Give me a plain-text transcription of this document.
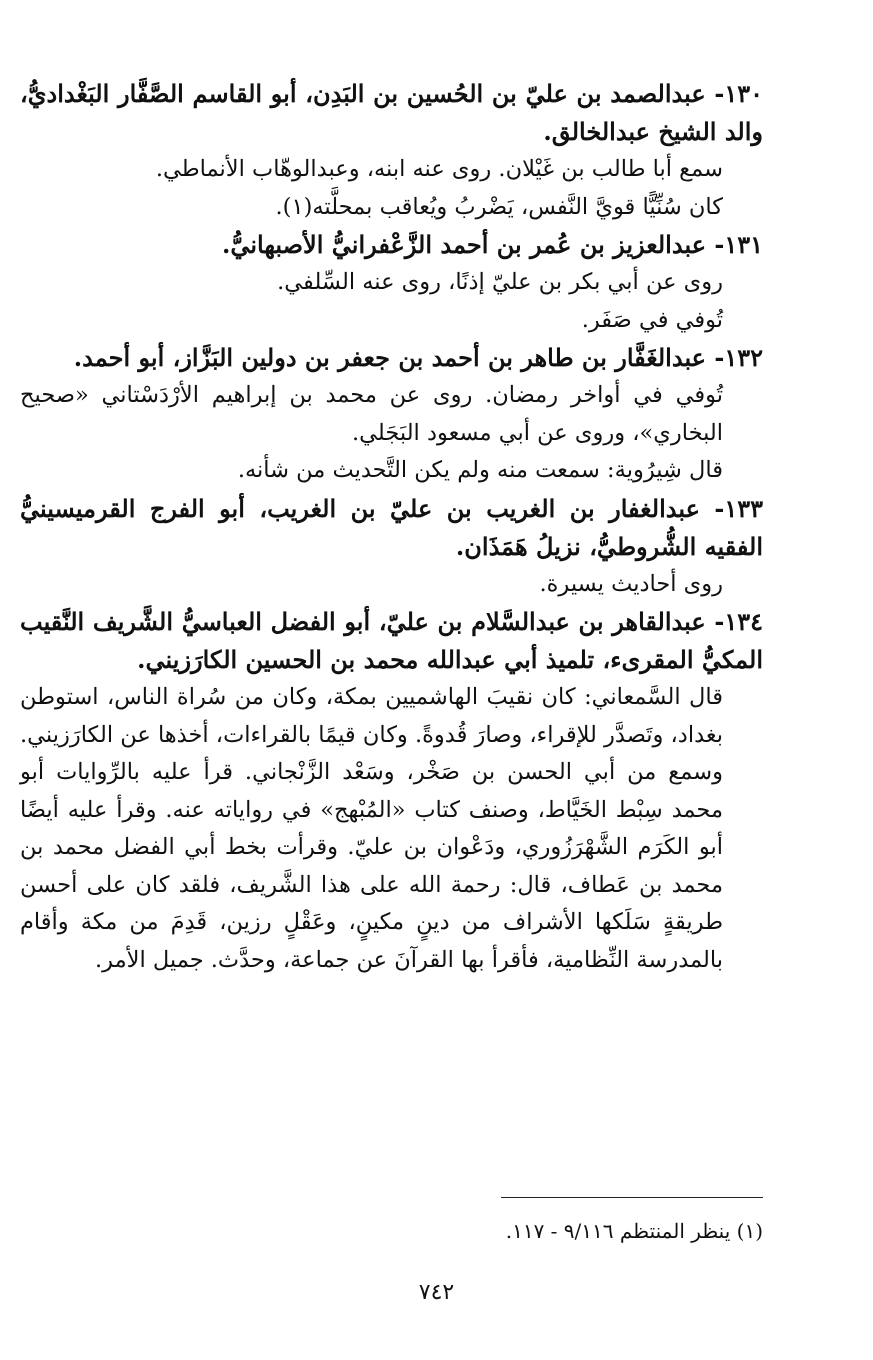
١٣٠- عبدالصمد بن عليّ بن الحُسين بن البَدِن، أبو القاسم الصَّفَّار البَغْداديُّ، والد الشيخ عبدالخالق.

سمع أبا طالب بن غَيْلان. روى عنه ابنه، وعبدالوهّاب الأنماطي.

كان سُنِّيًّا قويَّ النَّفس، يَضْربُ ويُعاقب بمحلَّته(١).

١٣١- عبدالعزيز بن عُمر بن أحمد الزَّعْفرانيُّ الأصبهانيُّ.

روى عن أبي بكر بن عليّ إذنًا، روى عنه السِّلفي.

تُوفي في صَفَر.

١٣٢- عبدالغَفَّار بن طاهر بن أحمد بن جعفر بن دولين البَزَّاز، أبو أحمد.

تُوفي في أواخر رمضان. روى عن محمد بن إبراهيم الأرْدَسْتاني «صحيح البخاري»، وروى عن أبي مسعود البَجَلي.

قال شِيرُوية: سمعت منه ولم يكن التَّحديث من شأنه.

١٣٣- عبدالغفار بن الغريب بن عليّ بن الغريب، أبو الفرج القرميسينيُّ الفقيه الشُّروطيُّ، نزيلُ هَمَذَان.

روى أحاديث يسيرة.

١٣٤- عبدالقاهر بن عبدالسَّلام بن عليّ، أبو الفضل العباسيُّ الشَّريف النَّقيب المكيُّ المقرىء، تلميذ أبي عبدالله محمد بن الحسين الكارَزيني.

قال السَّمعاني: كان نقيبَ الهاشميين بمكة، وكان من سُراة الناس، استوطن بغداد، وتَصدَّر للإقراء، وصارَ قُدوةً. وكان قيمًا بالقراءات، أخذها عن الكارَزيني. وسمع من أبي الحسن بن صَخْر، وسَعْد الزَّنْجاني. قرأ عليه بالرِّوايات أبو محمد سِبْط الخَيَّاط، وصنف كتاب «المُبْهج» في رواياته عنه. وقرأ عليه أيضًا أبو الكَرَم الشَّهْرَزُوري، ودَعْوان بن عليّ. وقرأت بخط أبي الفضل محمد بن محمد بن عَطاف، قال: رحمة الله على هذا الشَّريف، فلقد كان على أحسن طريقةٍ سَلَكها الأشراف من دينٍ مكينٍ، وعَقْلٍ رزين، قَدِمَ من مكة وأقام بالمدرسة النِّظامية، فأقرأ بها القرآنَ عن جماعة، وحدَّث. جميل الأمر.

(١) ينظر المنتظم ٩/١١٦ - ١١٧.
٧٤٢
